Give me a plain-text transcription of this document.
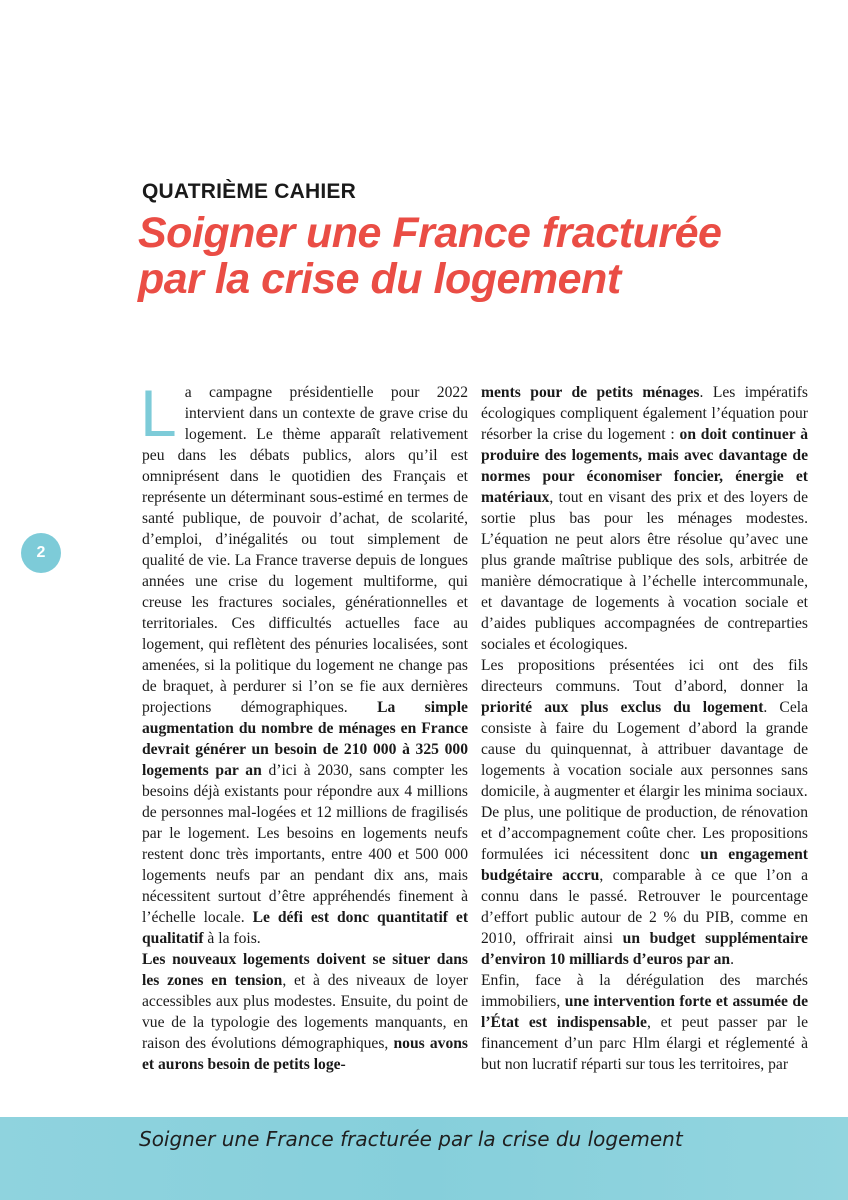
QUATRIÈME CAHIER
Soigner une France fracturée
par la crise du logement
2

La campagne présidentielle pour 2022 intervient dans un contexte de grave crise du logement. Le thème apparaît relativement peu dans les débats publics, alors qu’il est omniprésent dans le quotidien des Français et représente un déterminant sous-estimé en termes de santé publique, de pouvoir d’achat, de scolarité, d’emploi, d’inégalités ou tout simplement de qualité de vie. La France traverse depuis de longues années une crise du logement multiforme, qui creuse les fractures sociales, générationnelles et territoriales. Ces difficultés actuelles face au logement, qui reflètent des pénuries localisées, sont amenées, si la politique du logement ne change pas de braquet, à perdurer si l’on se fie aux dernières projections démographiques. La simple augmentation du nombre de ménages en France devrait générer un besoin de 210 000 à 325 000 logements par an d’ici à 2030, sans compter les besoins déjà existants pour répondre aux 4 millions de personnes mal-logées et 12 millions de fragilisés par le logement. Les besoins en logements neufs restent donc très importants, entre 400 et 500 000 logements neufs par an pendant dix ans, mais nécessitent surtout d’être appréhendés finement à l’échelle locale. Le défi est donc quantitatif et qualitatif à la fois.

Les nouveaux logements doivent se situer dans les zones en tension, et à des niveaux de loyer accessibles aux plus modestes. Ensuite, du point de vue de la typologie des logements manquants, en raison des évolutions démographiques, nous avons et aurons besoin de petits loge-

ments pour de petits ménages. Les impératifs écologiques compliquent également l’équation pour résorber la crise du logement : on doit continuer à produire des logements, mais avec davantage de normes pour économiser foncier, énergie et matériaux, tout en visant des prix et des loyers de sortie plus bas pour les ménages modestes. L’équation ne peut alors être résolue qu’avec une plus grande maîtrise publique des sols, arbitrée de manière démocratique à l’échelle intercommunale, et davantage de logements à vocation sociale et d’aides publiques accompagnées de contreparties sociales et écologiques.

Les propositions présentées ici ont des fils directeurs communs. Tout d’abord, donner la priorité aux plus exclus du logement. Cela consiste à faire du Logement d’abord la grande cause du quinquennat, à attribuer davantage de logements à vocation sociale aux personnes sans domicile, à augmenter et élargir les minima sociaux.

De plus, une politique de production, de rénovation et d’accompagnement coûte cher. Les propositions formulées ici nécessitent donc un engagement budgétaire accru, comparable à ce que l’on a connu dans le passé. Retrouver le pourcentage d’effort public autour de 2 % du PIB, comme en 2010, offrirait ainsi un budget supplémentaire d’environ 10 milliards d’euros par an.

Enfin, face à la dérégulation des marchés immobiliers, une intervention forte et assumée de l’État est indispensable, et peut passer par le financement d’un parc Hlm élargi et réglementé à but non lucratif réparti sur tous les territoires, par

Soigner une France fracturée par la crise du logement
